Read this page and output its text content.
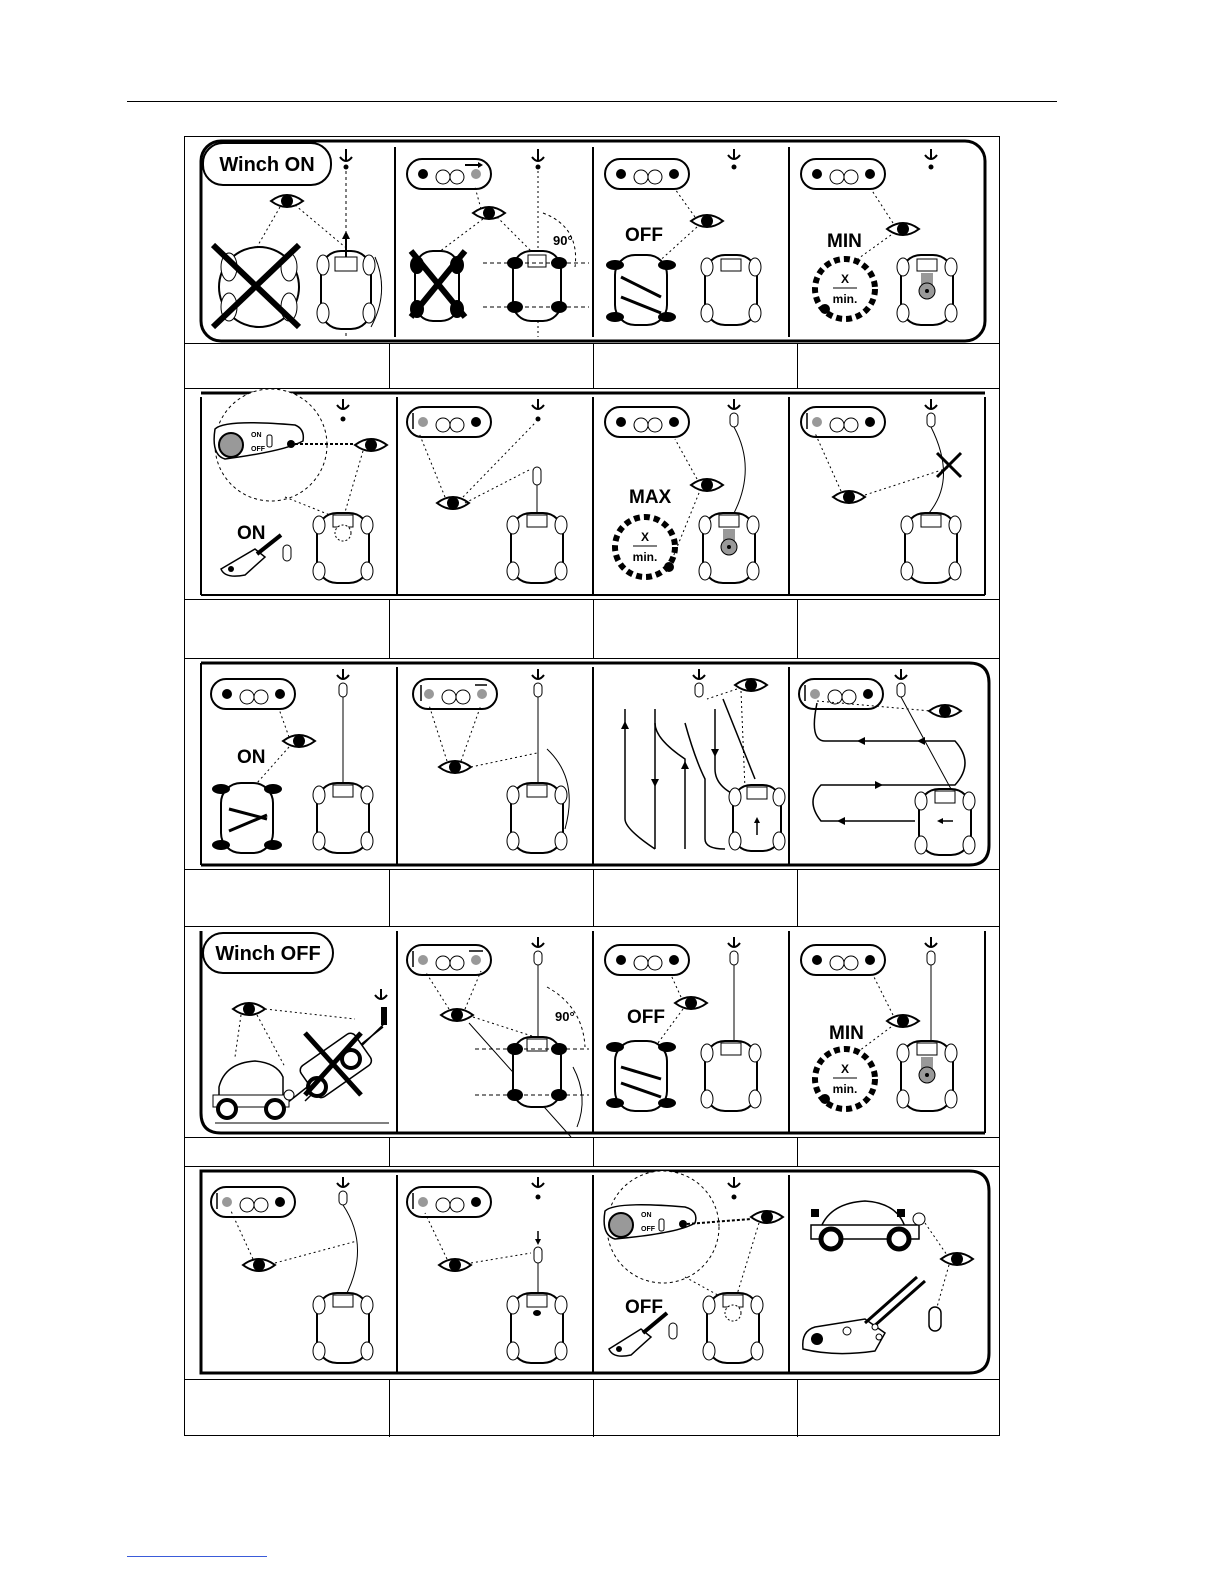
Winch ON
90°	OFF	MIN
X
min.
ON
OFF
ON
MAX
X
min.
ON
Winch OFF
90°	OFF
MIN
X
min.
ON
OFF
OFF
